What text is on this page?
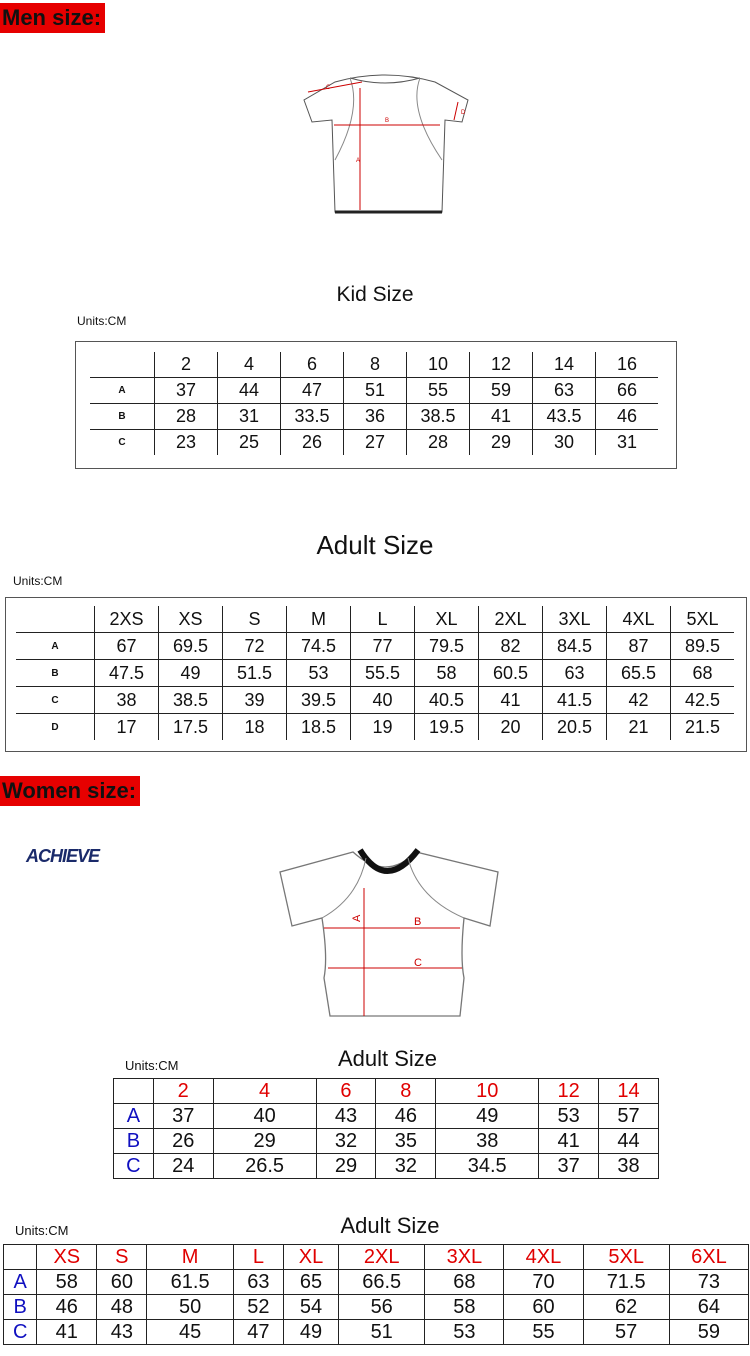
Men size:
B
A
C
D
Kid Size
Units:CM
	2	4	6	8	10	12	14	16
A	37	44	47	51	55	59	63	66
B	28	31	33.5	36	38.5	41	43.5	46
C	23	25	26	27	28	29	30	31
Adult Size
Units:CM
	2XS	XS	S	M	L	XL	2XL	3XL	4XL	5XL
A	67	69.5	72	74.5	77	79.5	82	84.5	87	89.5
B	47.5	49	51.5	53	55.5	58	60.5	63	65.5	68
C	38	38.5	39	39.5	40	40.5	41	41.5	42	42.5
D	17	17.5	18	18.5	19	19.5	20	20.5	21	21.5
Women size:
ACHIEVE
A	B
C
Units:CM	Adult Size
	2	4	6	8	10	12	14
A	37	40	43	46	49	53	57
B	26	29	32	35	38	41	44
C	24	26.5	29	32	34.5	37	38
Units:CM	Adult Size
	XS	S	M	L	XL	2XL	3XL	4XL	5XL	6XL
A	58	60	61.5	63	65	66.5	68	70	71.5	73
B	46	48	50	52	54	56	58	60	62	64
C	41	43	45	47	49	51	53	55	57	59
